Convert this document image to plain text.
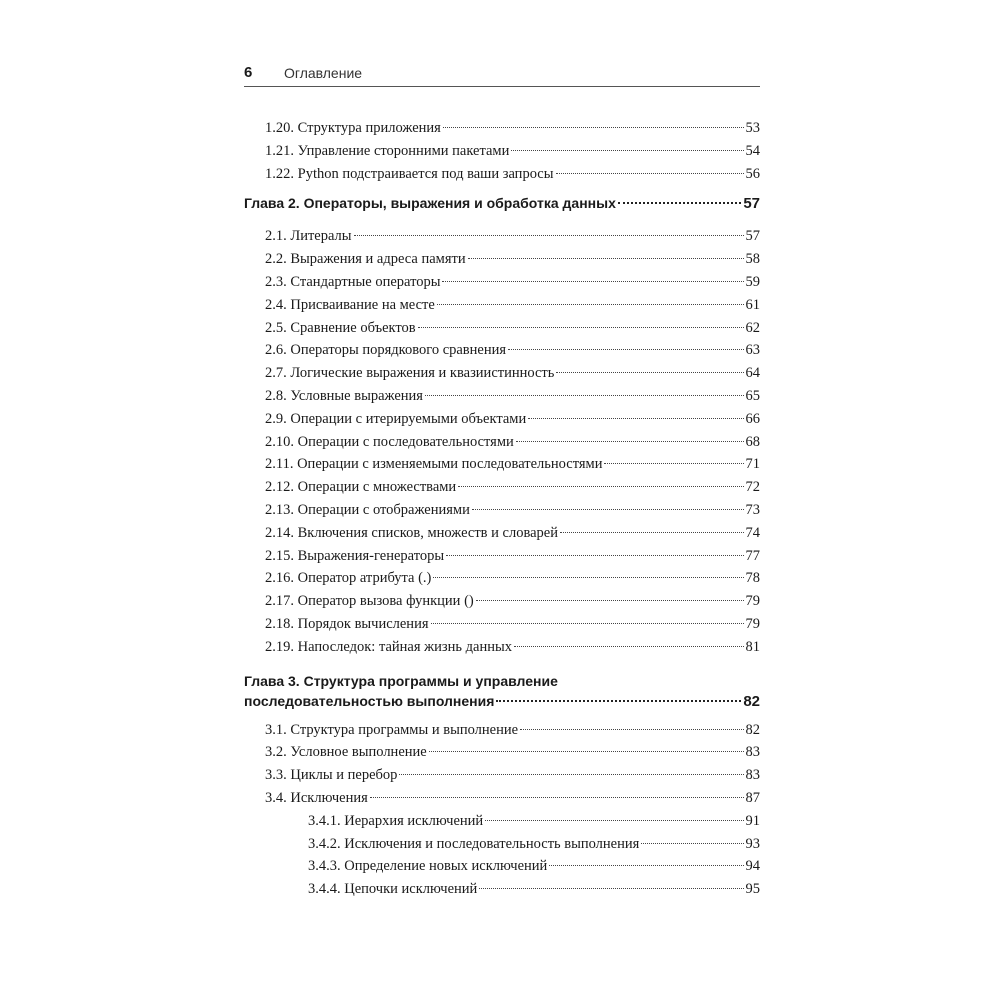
6 Оглавление
1.20. Структура приложения	53
1.21. Управление сторонними пакетами	54
1.22. Python подстраивается под ваши запросы	56
Глава 2. Операторы, выражения и обработка данных	57
2.1. Литералы	57
2.2. Выражения и адреса памяти	58
2.3. Стандартные операторы	59
2.4. Присваивание на месте	61
2.5. Сравнение объектов	62
2.6. Операторы порядкового сравнения	63
2.7. Логические выражения и квазиистинность	64
2.8. Условные выражения	65
2.9. Операции с итерируемыми объектами	66
2.10. Операции с последовательностями	68
2.11. Операции с изменяемыми последовательностями	71
2.12. Операции с множествами	72
2.13. Операции с отображениями	73
2.14. Включения списков, множеств и словарей	74
2.15. Выражения-генераторы	77
2.16. Оператор атрибута (.)	78
2.17. Оператор вызова функции ()	79
2.18. Порядок вычисления	79
2.19. Напоследок: тайная жизнь данных	81
Глава 3. Структура программы и управление
последовательностью выполнения	82
3.1. Структура программы и выполнение	82
3.2. Условное выполнение	83
3.3. Циклы и перебор	83
3.4. Исключения	87
3.4.1. Иерархия исключений	91
3.4.2. Исключения и последовательность выполнения	93
3.4.3. Определение новых исключений	94
3.4.4. Цепочки исключений	95
